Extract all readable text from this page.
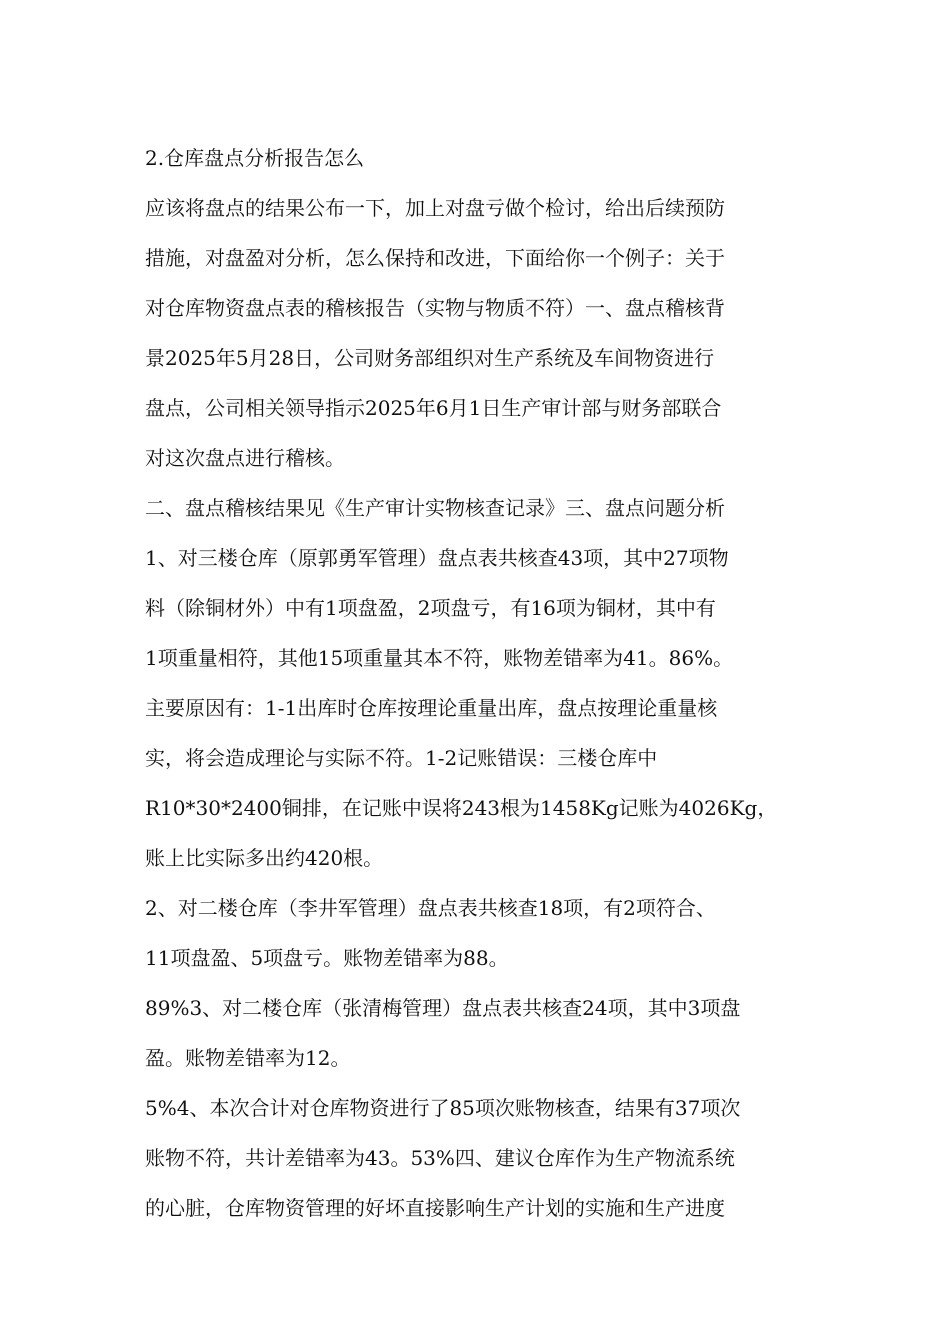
2.仓库盘点分析报告怎么
应该将盘点的结果公布一下，加上对盘亏做个检讨，给出后续预防
措施，对盘盈对分析，怎么保持和改进，下面给你一个例子：关于
对仓库物资盘点表的稽核报告（实物与物质不符）一、盘点稽核背
景2025年5月28日，公司财务部组织对生产系统及车间物资进行
盘点，公司相关领导指示2025年6月1日生产审计部与财务部联合
对这次盘点进行稽核。
二、盘点稽核结果见《生产审计实物核查记录》三、盘点问题分析
1、对三楼仓库（原郭勇军管理）盘点表共核查43项，其中27项物
料（除铜材外）中有1项盘盈，2项盘亏，有16项为铜材，其中有
1项重量相符，其他15项重量其本不符，账物差错率为41。86%。
主要原因有：1-1出库时仓库按理论重量出库，盘点按理论重量核
实，将会造成理论与实际不符。1-2记账错误：三楼仓库中
R10*30*2400铜排，在记账中误将243根为1458Kg记账为4026Kg，
账上比实际多出约420根。
2、对二楼仓库（李井军管理）盘点表共核查18项，有2项符合、
11项盘盈、5项盘亏。账物差错率为88。
89%3、对二楼仓库（张清梅管理）盘点表共核查24项，其中3项盘
盈。账物差错率为12。
5%4、本次合计对仓库物资进行了85项次账物核查，结果有37项次
账物不符，共计差错率为43。53%四、建议仓库作为生产物流系统
的心脏，仓库物资管理的好坏直接影响生产计划的实施和生产进度
